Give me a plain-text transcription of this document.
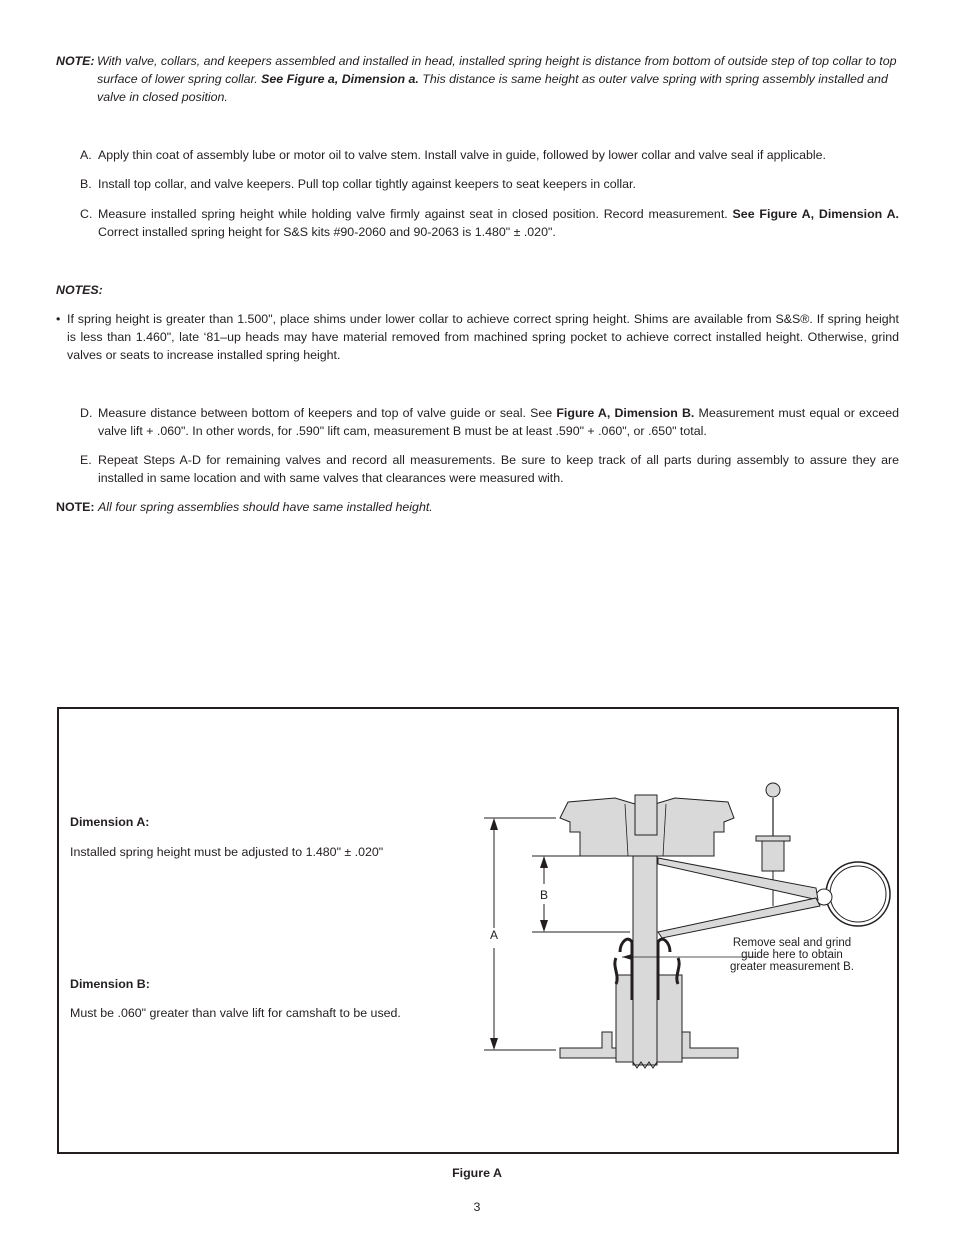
NOTE: With valve, collars, and keepers assembled and installed in head, installed spring height is distance from bottom of outside step of top collar to top surface of lower spring collar. See Figure a, Dimension a. This distance is same height as outer valve spring with spring assembly installed and valve in closed position.
A. Apply thin coat of assembly lube or motor oil to valve stem. Install valve in guide, followed by lower collar and valve seal if applicable.
B. Install top collar, and valve keepers. Pull top collar tightly against keepers to seat keepers in collar.
C. Measure installed spring height while holding valve firmly against seat in closed position. Record measurement. See Figure A, Dimension A. Correct installed spring height for S&S kits #90-2060 and 90-2063 is 1.480" ± .020".
NOTES:
• If spring height is greater than 1.500", place shims under lower collar to achieve correct spring height. Shims are available from S&S®. If spring height is less than 1.460", late ‘81–up heads may have material removed from machined spring pocket to achieve correct installed height. Otherwise, grind valves or seats to increase installed spring height.
D. Measure distance between bottom of keepers and top of valve guide or seal. See Figure A, Dimension B. Measurement must equal or exceed valve lift + .060". In other words, for .590" lift cam, measurement B must be at least .590" + .060", or .650" total.
E. Repeat Steps A-D for remaining valves and record all measurements. Be sure to keep track of all parts during assembly to assure they are installed in same location and with same valves that clearances were measured with.
NOTE: All four spring assemblies should have same installed height.
Dimension A:
Installed spring height must be adjusted to 1.480" ± .020"
Dimension B:
Must be .060" greater than valve lift for camshaft to be used.
A
B
Remove seal and grind
guide here to obtain
greater measurement B.
Figure A
3
